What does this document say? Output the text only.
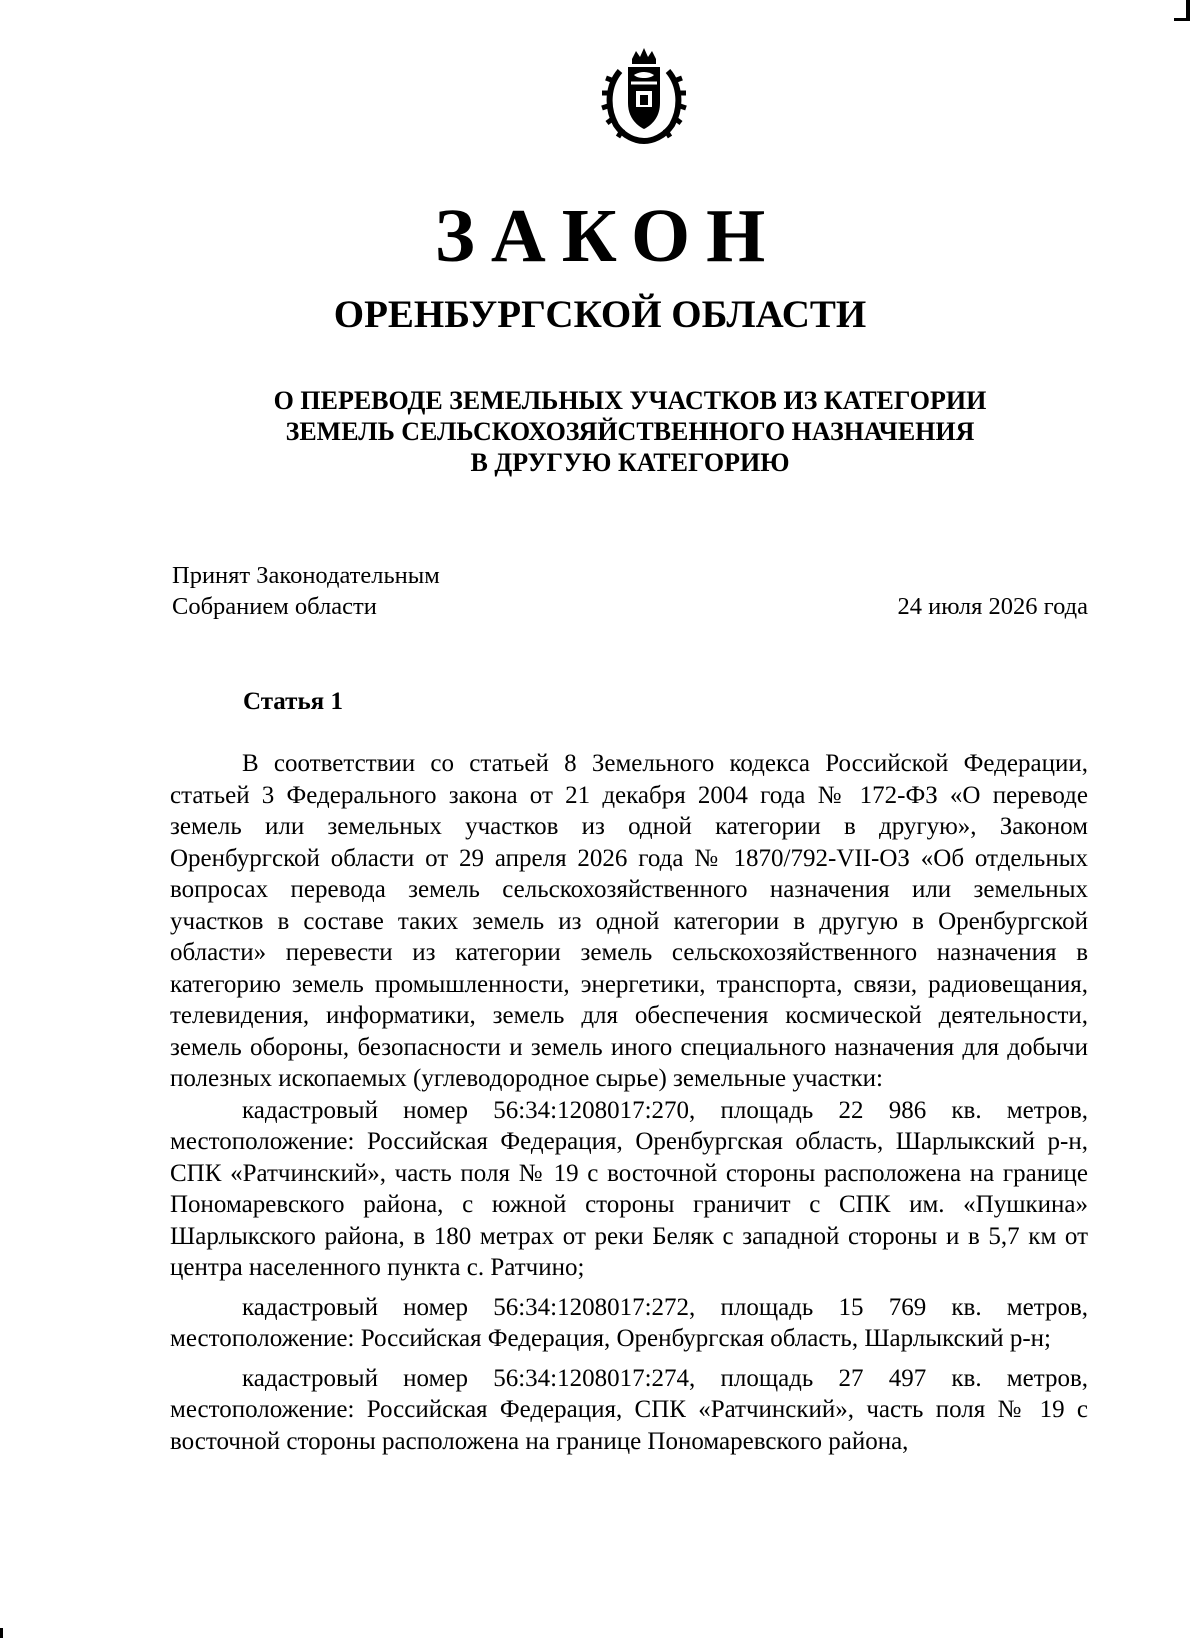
ЗАКОН
ОРЕНБУРГСКОЙ ОБЛАСТИ
О ПЕРЕВОДЕ ЗЕМЕЛЬНЫХ УЧАСТКОВ ИЗ КАТЕГОРИИ
ЗЕМЕЛЬ СЕЛЬСКОХОЗЯЙСТВЕННОГО НАЗНАЧЕНИЯ
В ДРУГУЮ КАТЕГОРИЮ
Принят Законодательным
Собранием области	24 июля 2026 года
Статья 1

В соответствии со статьей 8 Земельного кодекса Российской Федерации, статьей 3 Федерального закона от 21 декабря 2004 года № 172-ФЗ «О переводе земель или земельных участков из одной категории в другую», Законом Оренбургской области от 29 апреля 2026 года № 1870/792-VII-ОЗ «Об отдельных вопросах перевода земель сельскохозяйственного назначения или земельных участков в составе таких земель из одной категории в другую в Оренбургской области» перевести из категории земель сельскохозяйственного назначения в категорию земель промышленности, энергетики, транспорта, связи, радиовещания, телевидения, информатики, земель для обеспечения космической деятельности, земель обороны, безопасности и земель иного специального назначения для добычи полезных ископаемых (углеводородное сырье) земельные участки:

кадастровый номер 56:34:1208017:270, площадь 22 986 кв. метров, местоположение: Российская Федерация, Оренбургская область, Шарлыкский р-н, СПК «Ратчинский», часть поля № 19 с восточной стороны расположена на границе Пономаревского района, с южной стороны граничит с СПК им. «Пушкина» Шарлыкского района, в 180 метрах от реки Беляк с западной стороны и в 5,7 км от центра населенного пункта с. Ратчино;

кадастровый номер 56:34:1208017:272, площадь 15 769 кв. метров, местоположение: Российская Федерация, Оренбургская область, Шарлыкский р-н;

кадастровый номер 56:34:1208017:274, площадь 27 497 кв. метров, местоположение: Российская Федерация, СПК «Ратчинский», часть поля № 19 с восточной стороны расположена на границе Пономаревского района,
